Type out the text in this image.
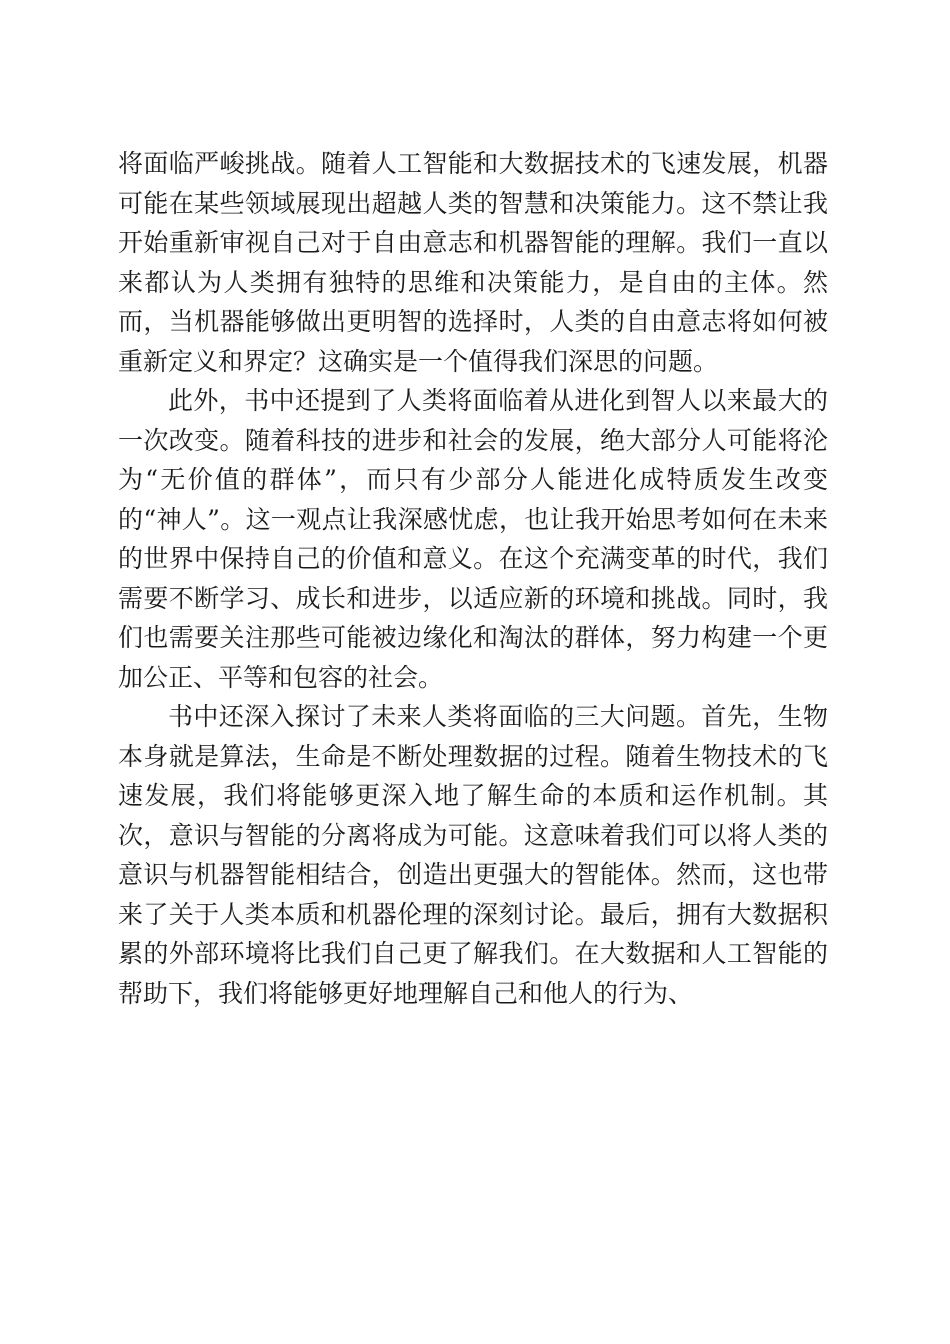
将面临严峻挑战。随着人工智能和大数据技术的飞速发展，机器可能在某些领域展现出超越人类的智慧和决策能力。这不禁让我开始重新审视自己对于自由意志和机器智能的理解。我们一直以来都认为人类拥有独特的思维和决策能力，是自由的主体。然而，当机器能够做出更明智的选择时，人类的自由意志将如何被重新定义和界定？这确实是一个值得我们深思的问题。

此外，书中还提到了人类将面临着从进化到智人以来最大的一次改变。随着科技的进步和社会的发展，绝大部分人可能将沦为“无价值的群体”，而只有少部分人能进化成特质发生改变的“神人”。这一观点让我深感忧虑，也让我开始思考如何在未来的世界中保持自己的价值和意义。在这个充满变革的时代，我们需要不断学习、成长和进步，以适应新的环境和挑战。同时，我们也需要关注那些可能被边缘化和淘汰的群体，努力构建一个更加公正、平等和包容的社会。

书中还深入探讨了未来人类将面临的三大问题。首先，生物本身就是算法，生命是不断处理数据的过程。随着生物技术的飞速发展，我们将能够更深入地了解生命的本质和运作机制。其次，意识与智能的分离将成为可能。这意味着我们可以将人类的意识与机器智能相结合，创造出更强大的智能体。然而，这也带来了关于人类本质和机器伦理的深刻讨论。最后，拥有大数据积累的外部环境将比我们自己更了解我们。在大数据和人工智能的帮助下，我们将能够更好地理解自己和他人的行为、
